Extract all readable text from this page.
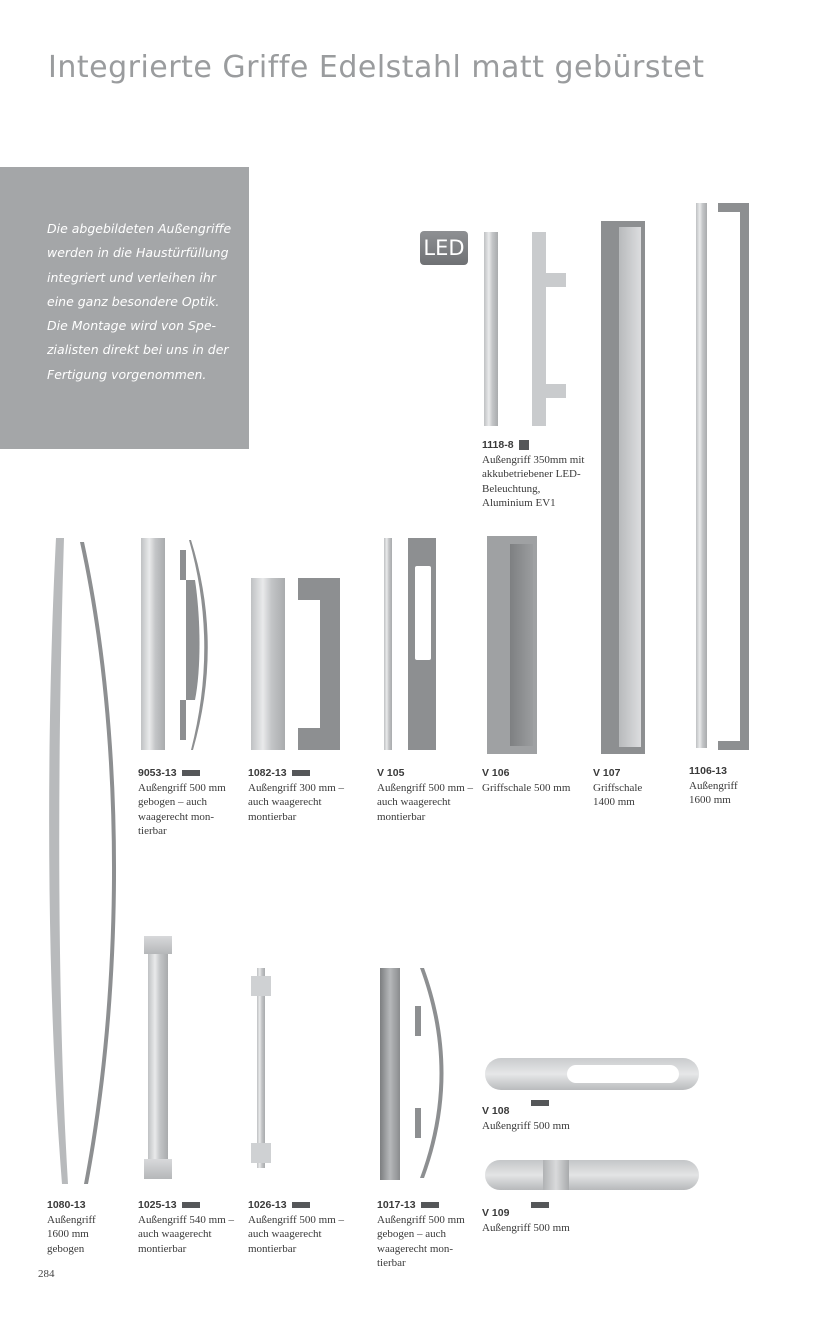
Integrierte Griffe Edelstahl matt gebürstet
Die abgebildeten Außengriffe werden in die Haustürfüllung integriert und verleihen ihr eine ganz besondere Optik. Die Montage wird von Spe-zialisten direkt bei uns in der Fertigung vorgenommen.
LED
1118-8
Außengriff 350mm mit akkubetriebener LED-Beleuchtung, Aluminium EV1
9053-13
Außengriff 500 mm gebogen – auch waagerecht mon-tierbar
1082-13
Außengriff 300 mm – auch waagerecht montierbar
V 105
Außengriff 500 mm – auch waagerecht montierbar
V 106
Griffschale 500 mm
V 107
Griffschale 1400 mm
1106-13
Außengriff 1600 mm
1080-13
Außengriff 1600 mm gebogen
1025-13
Außengriff 540 mm – auch waagerecht montierbar
1026-13
Außengriff 500 mm – auch waagerecht montierbar
1017-13
Außengriff 500 mm gebogen – auch waagerecht mon-tierbar
V 108
Außengriff 500 mm
V 109
Außengriff 500 mm
284
